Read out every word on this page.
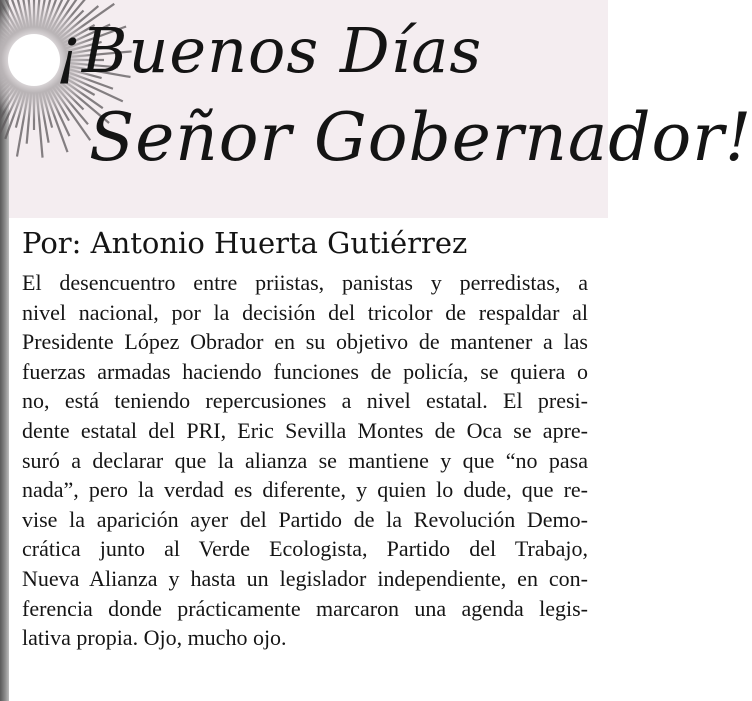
¡Buenos Días
Señor Gobernador!
Por: Antonio Huerta Gutiérrez
El desencuentro entre priistas, panistas y perredistas, a
nivel nacional, por la decisión del tricolor de respaldar al
Presidente López Obrador en su objetivo de mantener a las
fuerzas armadas haciendo funciones de policía, se quiera o
no, está teniendo repercusiones a nivel estatal. El presi-
dente estatal del PRI, Eric Sevilla Montes de Oca se apre-
suró a declarar que la alianza se mantiene y que “no pasa
nada”, pero la verdad es diferente, y quien lo dude, que re-
vise la aparición ayer del Partido de la Revolución Demo-
crática junto al Verde Ecologista, Partido del Trabajo,
Nueva Alianza y hasta un legislador independiente, en con-
ferencia donde prácticamente marcaron una agenda legis-
lativa propia. Ojo, mucho ojo.
